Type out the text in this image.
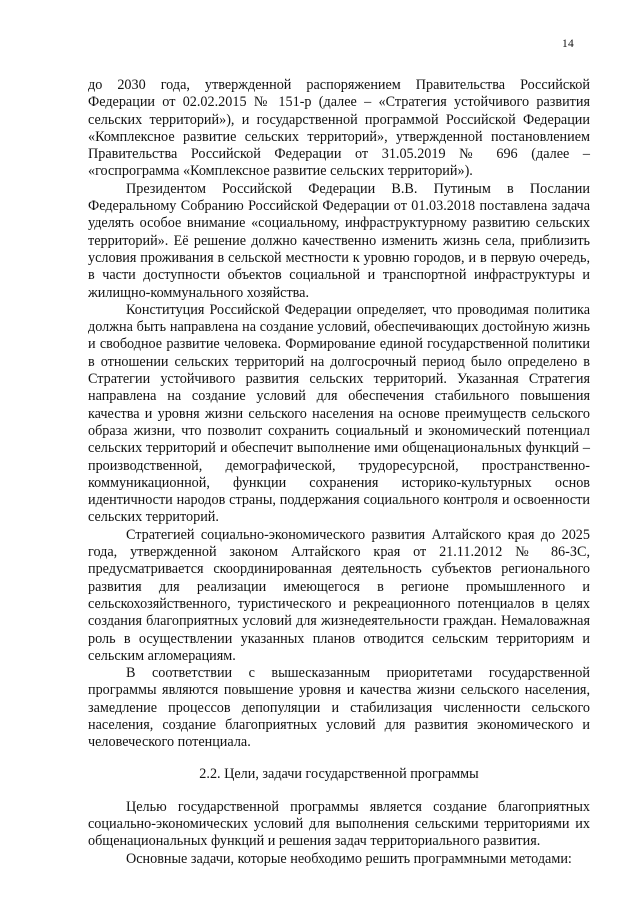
14

до 2030 года, утвержденной распоряжением Правительства Российской Федерации от 02.02.2015 № 151-р (далее – «Стратегия устойчивого развития сельских территорий»), и государственной программой Российской Федерации «Комплексное развитие сельских территорий», утвержденной постановлением Правительства Российской Федерации от 31.05.2019 № 696 (далее – «госпрограмма «Комплексное развитие сельских территорий»).

Президентом Российской Федерации В.В. Путиным в Послании Федеральному Собранию Российской Федерации от 01.03.2018 поставлена задача уделять особое внимание «социальному, инфраструктурному развитию сельских территорий». Её решение должно качественно изменить жизнь села, приблизить условия проживания в сельской местности к уровню городов, и в первую очередь, в части доступности объектов социальной и транспортной инфраструктуры и жилищно-коммунального хозяйства.

Конституция Российской Федерации определяет, что проводимая политика должна быть направлена на создание условий, обеспечивающих достойную жизнь и свободное развитие человека. Формирование единой государственной политики в отношении сельских территорий на долгосрочный период было определено в Стратегии устойчивого развития сельских территорий. Указанная Стратегия направлена на создание условий для обеспечения стабильного повышения качества и уровня жизни сельского населения на основе преимуществ сельского образа жизни, что позволит сохранить социальный и экономический потенциал сельских территорий и обеспечит выполнение ими общенациональных функций – производственной, демографической, трудоресурсной, пространственно-коммуникационной, функции сохранения историко-культурных основ идентичности народов страны, поддержания социального контроля и освоенности сельских территорий.

Стратегией социально-экономического развития Алтайского края до 2025 года, утвержденной законом Алтайского края от 21.11.2012 № 86-ЗС, предусматривается скоординированная деятельность субъектов регионального развития для реализации имеющегося в регионе промышленного и сельскохозяйственного, туристического и рекреационного потенциалов в целях создания благоприятных условий для жизнедеятельности граждан. Немаловажная роль в осуществлении указанных планов отводится сельским территориям и сельским агломерациям.

В соответствии с вышесказанным приоритетами государственной программы являются повышение уровня и качества жизни сельского населения, замедление процессов депопуляции и стабилизация численности сельского населения, создание благоприятных условий для развития экономического и человеческого потенциала.

2.2. Цели, задачи государственной программы

Целью государственной программы является создание благоприятных социально-экономических условий для выполнения сельскими территориями их общенациональных функций и решения задач территориального развития.

Основные задачи, которые необходимо решить программными методами:
